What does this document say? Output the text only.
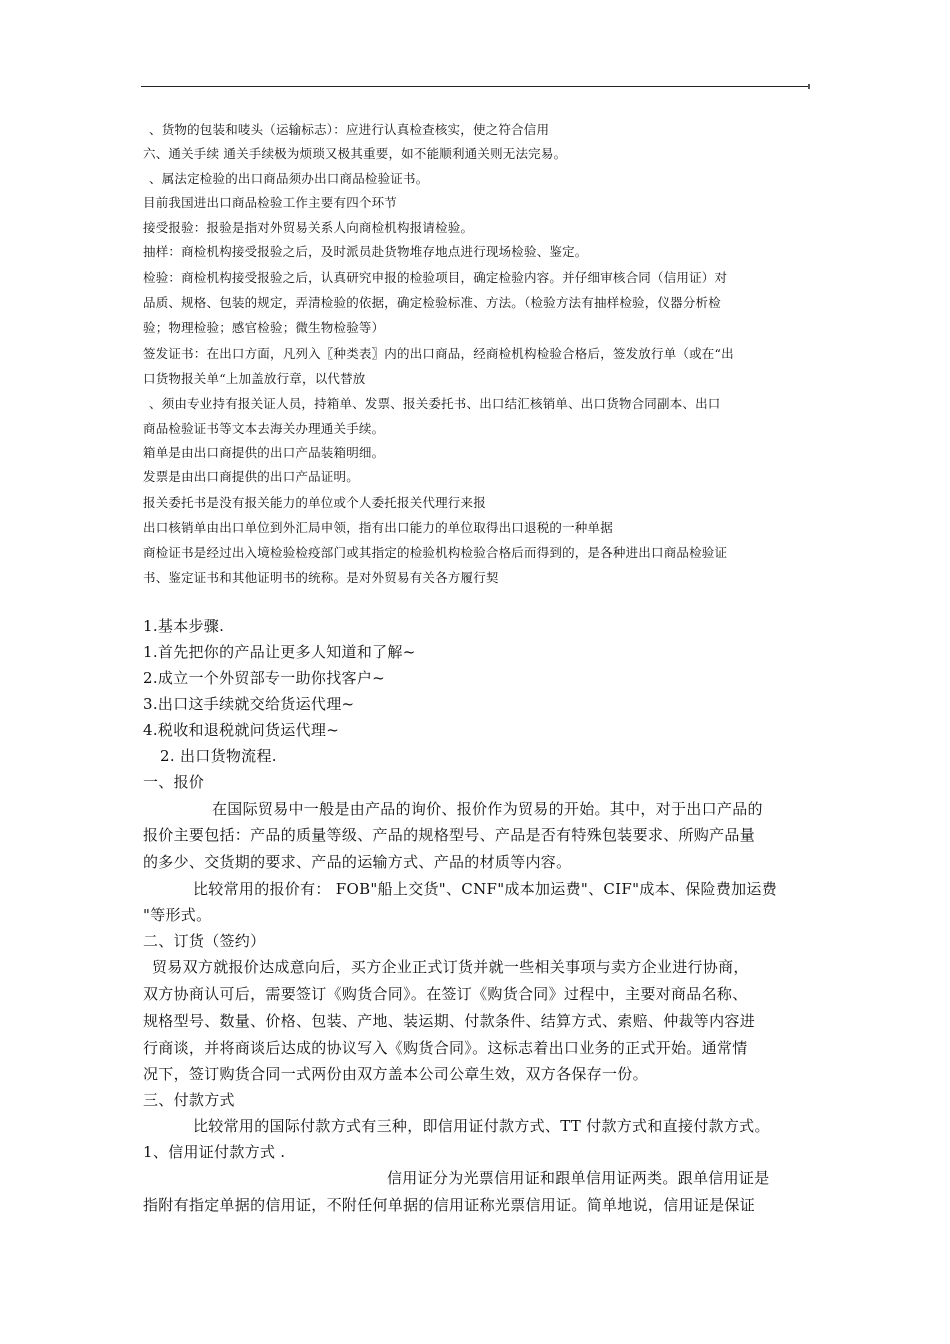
、货物的包装和唛头（运输标志）：应进行认真检查核实，使之符合信用
六、通关手续 通关手续极为烦琐又极其重要，如不能顺利通关则无法完易。
、属法定检验的出口商品须办出口商品检验证书。
目前我国进出口商品检验工作主要有四个环节
接受报验：报验是指对外贸易关系人向商检机构报请检验。
抽样：商检机构接受报验之后，及时派员赴货物堆存地点进行现场检验、鉴定。
检验：商检机构接受报验之后，认真研究申报的检验项目，确定检验内容。并仔细审核合同（信用证）对
品质、规格、包装的规定，弄清检验的依据，确定检验标准、方法。（检验方法有抽样检验，仪器分析检
验；物理检验；感官检验；微生物检验等）
签发证书：在出口方面，凡列入〖种类表〗内的出口商品，经商检机构检验合格后，签发放行单（或在“出
口货物报关单“上加盖放行章，以代替放
、须由专业持有报关证人员，持箱单、发票、报关委托书、出口结汇核销单、出口货物合同副本、出口
商品检验证书等文本去海关办理通关手续。
箱单是由出口商提供的出口产品装箱明细。
发票是由出口商提供的出口产品证明。
报关委托书是没有报关能力的单位或个人委托报关代理行来报
出口核销单由出口单位到外汇局申领，指有出口能力的单位取得出口退税的一种单据
商检证书是经过出入境检验检疫部门或其指定的检验机构检验合格后而得到的，是各种进出口商品检验证
书、鉴定证书和其他证明书的统称。是对外贸易有关各方履行契
1.基本步骤.
1.首先把你的产品让更多人知道和了解~
2.成立一个外贸部专一助你找客户~
3.出口这手续就交给货运代理~
4.税收和退税就问货运代理~
2. 出口货物流程.
一、报价
在国际贸易中一般是由产品的询价、报价作为贸易的开始。其中，对于出口产品的
报价主要包括：产品的质量等级、产品的规格型号、产品是否有特殊包装要求、所购产品量
的多少、交货期的要求、产品的运输方式、产品的材质等内容。
比较常用的报价有： FOB"船上交货"、CNF"成本加运费"、CIF"成本、保险费加运费
"等形式。
二、订货（签约）
贸易双方就报价达成意向后，买方企业正式订货并就一些相关事项与卖方企业进行协商，
双方协商认可后，需要签订《购货合同》。在签订《购货合同》过程中，主要对商品名称、
规格型号、数量、价格、包装、产地、装运期、付款条件、结算方式、索赔、仲裁等内容进
行商谈，并将商谈后达成的协议写入《购货合同》。这标志着出口业务的正式开始。通常情
况下，签订购货合同一式两份由双方盖本公司公章生效，双方各保存一份。
三、付款方式
比较常用的国际付款方式有三种，即信用证付款方式、TT 付款方式和直接付款方式。
1、信用证付款方式 .
信用证分为光票信用证和跟单信用证两类。跟单信用证是
指附有指定单据的信用证，不附任何单据的信用证称光票信用证。简单地说，信用证是保证
